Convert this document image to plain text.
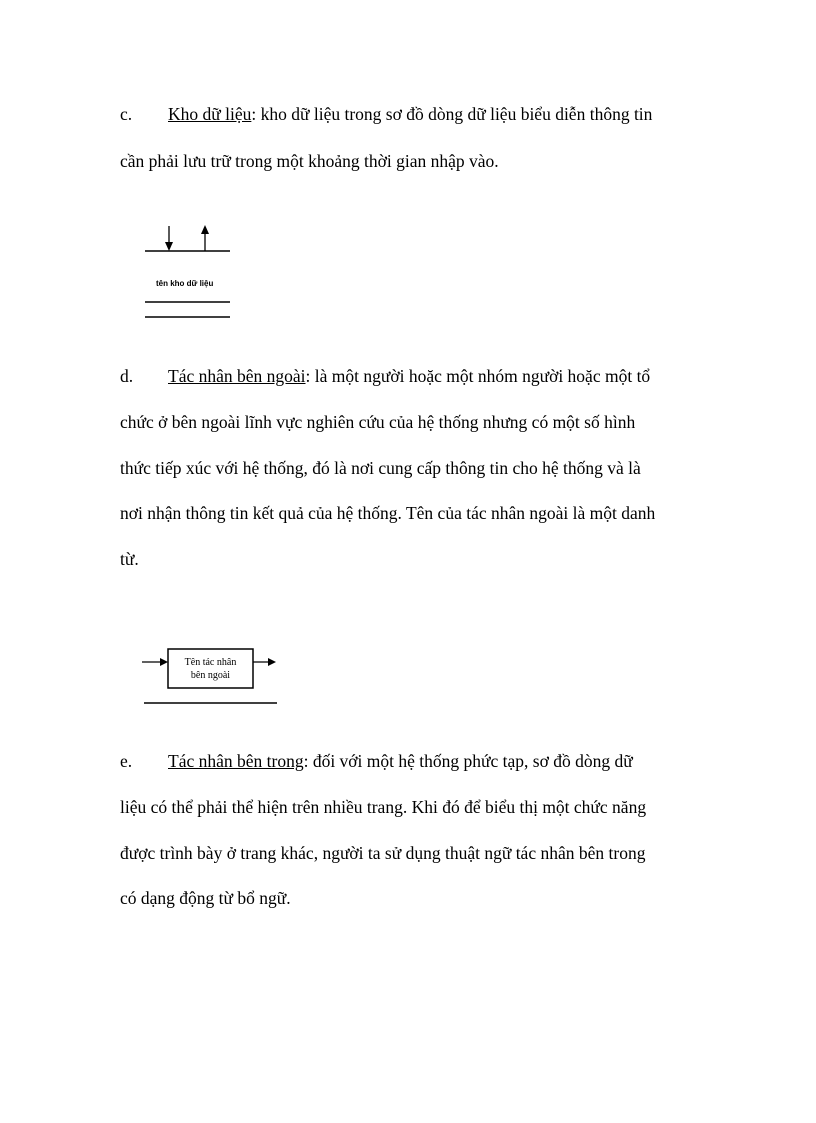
c. Kho dữ liệu: kho dữ liệu trong sơ đồ dòng dữ liệu biểu diễn thông tin
cần phải lưu trữ trong một khoảng thời gian nhập vào.
tên kho dữ liệu
d. Tác nhân bên ngoài: là một người hoặc một nhóm người hoặc một tổ
chức ở bên ngoài lĩnh vực nghiên cứu của hệ thống nhưng có một số hình
thức tiếp xúc với hệ thống, đó là nơi cung cấp thông tin cho hệ thống và là
nơi nhận thông tin kết quả của hệ thống. Tên của tác nhân ngoài là một danh
từ.
Tên tác nhân
bên ngoài
e. Tác nhân bên trong: đối với một hệ thống phức tạp, sơ đồ dòng dữ
liệu có thể phải thể hiện trên nhiều trang. Khi đó để biểu thị một chức năng
được trình bày ở trang khác, người ta sử dụng thuật ngữ tác nhân bên trong
có dạng động từ bổ ngữ.
